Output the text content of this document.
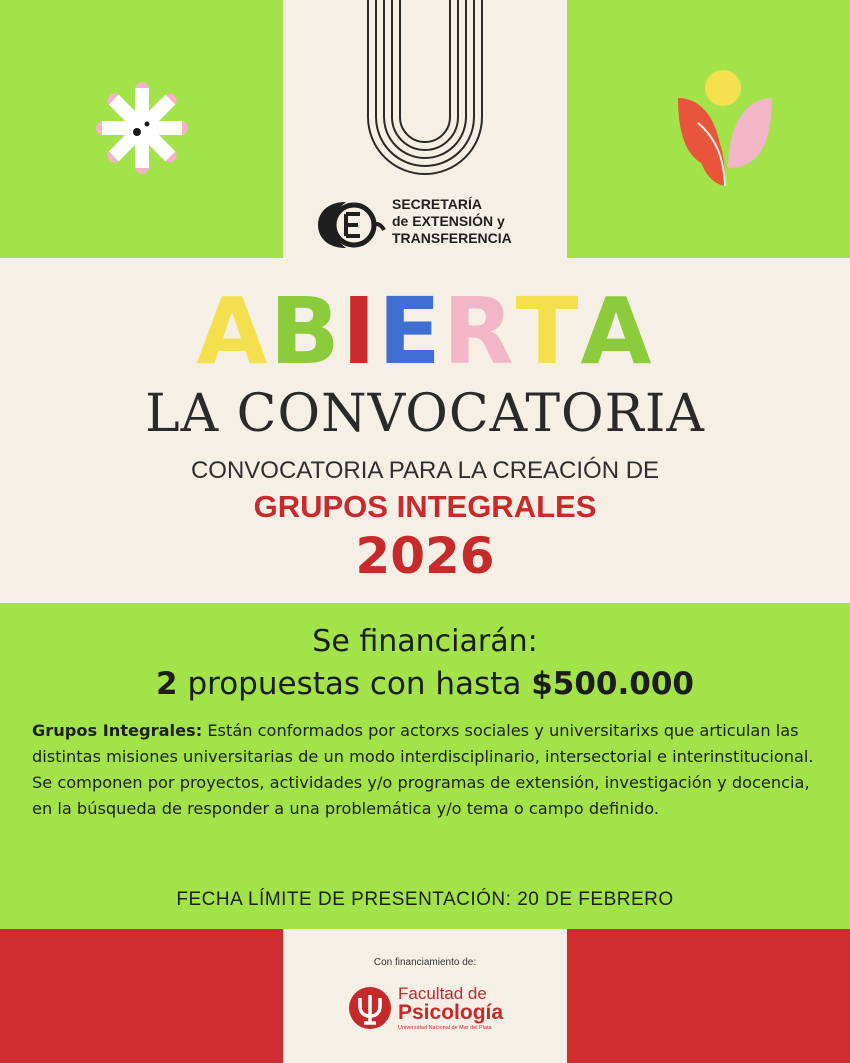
SECRETARÍA
de EXTENSIÓN y
TRANSFERENCIA
ABIERTA
LA CONVOCATORIA
CONVOCATORIA PARA LA CREACIÓN DE
GRUPOS INTEGRALES
2026
Se financiarán:
2 propuestas con hasta $500.000
Grupos Integrales: Están conformados por actorxs sociales y universitarixs que articulan las distintas misiones universitarias de un modo interdisciplinario, intersectorial e interinstitucional. Se componen por proyectos, actividades y/o programas de extensión, investigación y docencia, en la búsqueda de responder a una problemática y/o tema o campo definido.
FECHA LÍMITE DE PRESENTACIÓN: 20 DE FEBRERO
Con financiamiento de:
Facultad de
Psicología
Universidad Nacional de Mar del Plata
